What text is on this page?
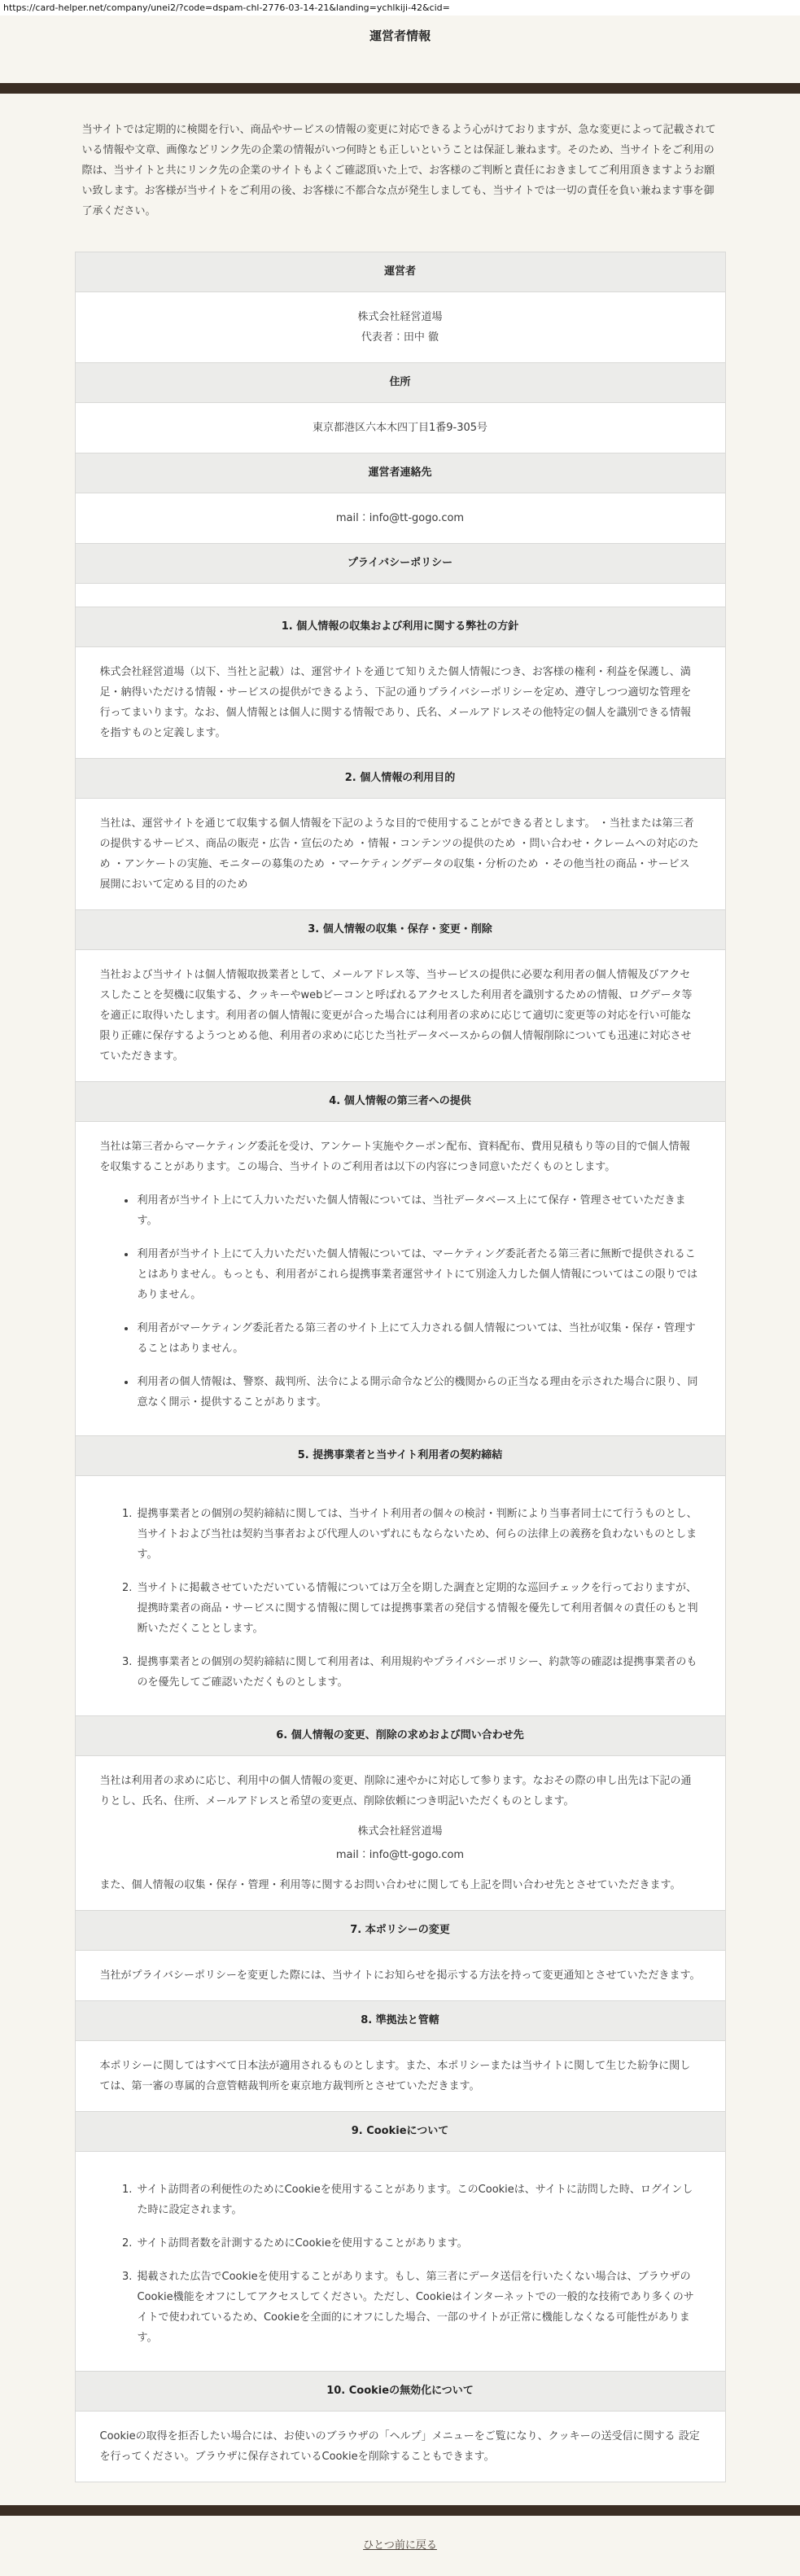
https://card-helper.net/company/unei2/?code=dspam-chl-2776-03-14-21&landing=ychlkiji-42&cid=
運営者情報

当サイトでは定期的に検閲を行い、商品やサービスの情報の変更に対応できるよう心がけておりますが、急な変更によって記載されている情報や文章、画像などリンク先の企業の情報がいつ何時とも正しいということは保証し兼ねます。そのため、当サイトをご利用の際は、当サイトと共にリンク先の企業のサイトもよくご確認頂いた上で、お客様のご判断と責任におきましてご利用頂きますようお願い致します。お客様が当サイトをご利用の後、お客様に不都合な点が発生しましても、当サイトでは一切の責任を負い兼ねます事を御了承ください。

運営者

株式会社経営道場

代表者：田中 徹

住所
東京都港区六本木四丁目1番9-305号
運営者連絡先
mail：info@tt-gogo.com
プライバシーポリシー

1. 個人情報の収集および利用に関する弊社の方針

株式会社経営道場（以下、当社と記載）は、運営サイトを通じて知りえた個人情報につき、お客様の権利・利益を保護し、満足・納得いただける情報・サービスの提供ができるよう、下記の通りプライバシーポリシーを定め、遵守しつつ適切な管理を行ってまいります。なお、個人情報とは個人に関する情報であり、氏名、メールアドレスその他特定の個人を識別できる情報を指すものと定義します。

2. 個人情報の利用目的

当社は、運営サイトを通じて収集する個人情報を下記のような目的で使用することができる者とします。 ・当社または第三者の提供するサービス、商品の販売・広告・宣伝のため ・情報・コンテンツの提供のため ・問い合わせ・クレームへの対応のため ・アンケートの実施、モニターの募集のため ・マーケティングデータの収集・分析のため ・その他当社の商品・サービス展開において定める目的のため

3. 個人情報の収集・保存・変更・削除

当社および当サイトは個人情報取扱業者として、メールアドレス等、当サービスの提供に必要な利用者の個人情報及びアクセスしたことを契機に収集する、クッキーやwebビーコンと呼ばれるアクセスした利用者を識別するための情報、ログデータ等を適正に取得いたします。利用者の個人情報に変更が合った場合には利用者の求めに応じて適切に変更等の対応を行い可能な限り正確に保存するようつとめる他、利用者の求めに応じた当社データベースからの個人情報削除についても迅速に対応させていただきます。

4. 個人情報の第三者への提供

当社は第三者からマーケティング委託を受け、アンケート実施やクーポン配布、資料配布、費用見積もり等の目的で個人情報を収集することがあります。この場合、当サイトのご利用者は以下の内容につき同意いただくものとします。

• 利用者が当サイト上にて入力いただいた個人情報については、当社データベース上にて保存・管理させていただきます。
• 利用者が当サイト上にて入力いただいた個人情報については、マーケティング委託者たる第三者に無断で提供されることはありません。もっとも、利用者がこれら提携事業者運営サイトにて別途入力した個人情報についてはこの限りではありません。
• 利用者がマーケティング委託者たる第三者のサイト上にて入力される個人情報については、当社が収集・保存・管理することはありません。
• 利用者の個人情報は、警察、裁判所、法令による開示命令など公的機関からの正当なる理由を示された場合に限り、同意なく開示・提供することがあります。

5. 提携事業者と当サイト利用者の契約締結

1. 提携事業者との個別の契約締結に関しては、当サイト利用者の個々の検討・判断により当事者同士にて行うものとし、当サイトおよび当社は契約当事者および代理人のいずれにもならないため、何らの法律上の義務を負わないものとします。
2. 当サイトに掲載させていただいている情報については万全を期した調査と定期的な巡回チェックを行っておりますが、提携時業者の商品・サービスに関する情報に関しては提携事業者の発信する情報を優先して利用者個々の責任のもと判断いただくこととします。
3. 提携事業者との個別の契約締結に関して利用者は、利用規約やプライバシーポリシー、約款等の確認は提携事業者のものを優先してご確認いただくものとします。

6. 個人情報の変更、削除の求めおよび問い合わせ先

当社は利用者の求めに応じ、利用中の個人情報の変更、削除に速やかに対応して参ります。なおその際の申し出先は下記の通りとし、氏名、住所、メールアドレスと希望の変更点、削除依頼につき明記いただくものとします。

株式会社経営道場

mail：info@tt-gogo.com

また、個人情報の収集・保存・管理・利用等に関するお問い合わせに関しても上記を問い合わせ先とさせていただきます。

7. 本ポリシーの変更

当社がプライバシーポリシーを変更した際には、当サイトにお知らせを掲示する方法を持って変更通知とさせていただきます。

8. 準拠法と管轄

本ポリシーに関してはすべて日本法が適用されるものとします。また、本ポリシーまたは当サイトに関して生じた紛争に関しては、第一審の専属的合意管轄裁判所を東京地方裁判所とさせていただきます。

9. Cookieについて

1. サイト訪問者の利便性のためにCookieを使用することがあります。このCookieは、サイトに訪問した時、ログインした時に設定されます。
2. サイト訪問者数を計測するためにCookieを使用することがあります。
3. 掲載された広告でCookieを使用することがあります。もし、第三者にデータ送信を行いたくない場合は、ブラウザのCookie機能をオフにしてアクセスしてください。ただし、Cookieはインターネットでの一般的な技術であり多くのサイトで使われているため、Cookieを全面的にオフにした場合、一部のサイトが正常に機能しなくなる可能性があります。

10. Cookieの無効化について

Cookieの取得を拒否したい場合には、お使いのブラウザの「ヘルプ」メニューをご覧になり、クッキーの送受信に関する 設定を行ってください。ブラウザに保存されているCookieを削除することもできます。

ひとつ前に戻る
